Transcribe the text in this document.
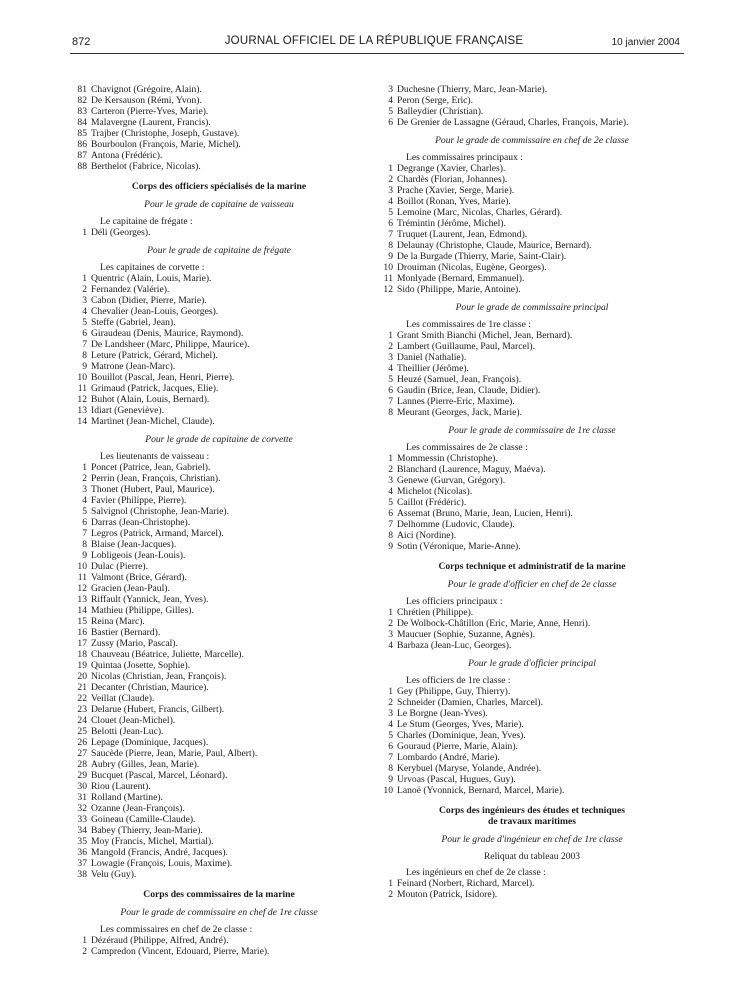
872	JOURNAL OFFICIEL DE LA RÉPUBLIQUE FRANÇAISE	10 janvier 2004
81 Chavignot (Grégoire, Alain).
82 De Kersauson (Rémi, Yvon).
83 Carteron (Pierre-Yves, Marie).
84 Malavergne (Laurent, Francis).
85 Trajber (Christophe, Joseph, Gustave).
86 Bourboulon (François, Marie, Michel).
87 Antona (Frédéric).
88 Berthelot (Fabrice, Nicolas).
Corps des officiers spécialisés de la marine
Pour le grade de capitaine de vaisseau
Le capitaine de frégate :
1 Déli (Georges).
Pour le grade de capitaine de frégate
Les capitaines de corvette :
1 Quentric (Alain, Louis, Marie).
2 Fernandez (Valérie).
3 Cabon (Didier, Pierre, Marie).
4 Chevalier (Jean-Louis, Georges).
5 Steffe (Gabriel, Jean).
6 Giraudeau (Denis, Maurice, Raymond).
7 De Landsheer (Marc, Philippe, Maurice).
8 Leture (Patrick, Gérard, Michel).
9 Matrone (Jean-Marc).
10 Bouillot (Pascal, Jean, Henri, Pierre).
11 Grimaud (Patrick, Jacques, Elie).
12 Buhot (Alain, Louis, Bernard).
13 Idiart (Geneviève).
14 Martinet (Jean-Michel, Claude).
Pour le grade de capitaine de corvette
Les lieutenants de vaisseau :
1 Poncet (Patrice, Jean, Gabriel).
2 Perrin (Jean, François, Christian).
3 Thonet (Hubert, Paul, Maurice).
4 Favier (Philippe, Pierre).
5 Salvignol (Christophe, Jean-Marie).
6 Darras (Jean-Christophe).
7 Legros (Patrick, Armand, Marcel).
8 Blaise (Jean-Jacques).
9 Lobligeois (Jean-Louis).
10 Dulac (Pierre).
11 Valmont (Brice, Gérard).
12 Gracien (Jean-Paul).
13 Riffault (Yannick, Jean, Yves).
14 Mathieu (Philippe, Gilles).
15 Reina (Marc).
16 Bastier (Bernard).
17 Zussy (Mario, Pascal).
18 Chauveau (Béatrice, Juliette, Marcelle).
19 Quintaa (Josette, Sophie).
20 Nicolas (Christian, Jean, François).
21 Decanter (Christian, Maurice).
22 Veillat (Claude).
23 Delarue (Hubert, Francis, Gilbert).
24 Clouet (Jean-Michel).
25 Belotti (Jean-Luc).
26 Lepage (Dominique, Jacques).
27 Saucède (Pierre, Jean, Marie, Paul, Albert).
28 Aubry (Gilles, Jean, Marie).
29 Bucquet (Pascal, Marcel, Léonard).
30 Riou (Laurent).
31 Rolland (Martine).
32 Ozanne (Jean-François).
33 Goineau (Camille-Claude).
34 Babey (Thierry, Jean-Marie).
35 Moy (Francis, Michel, Martial).
36 Mangold (Francis, André, Jacques).
37 Lowagie (François, Louis, Maxime).
38 Velu (Guy).
Corps des commissaires de la marine
Pour le grade de commissaire en chef de 1re classe
Les commissaires en chef de 2e classe :
1 Dézéraud (Philippe, Alfred, André).
2 Campredon (Vincent, Edouard, Pierre, Marie).
3 Duchesne (Thierry, Marc, Jean-Marie).
4 Peron (Serge, Eric).
5 Balleydier (Christian).
6 De Grenier de Lassagne (Géraud, Charles, François, Marie).
Pour le grade de commissaire en chef de 2e classe
Les commissaires principaux :
1 Degrange (Xavier, Charles).
2 Chardès (Florian, Johannes).
3 Prache (Xavier, Serge, Marie).
4 Boillot (Ronan, Yves, Marie).
5 Lemoine (Marc, Nicolas, Charles, Gérard).
6 Trémintin (Jérôme, Michel).
7 Truquet (Laurent, Jean, Edmond).
8 Delaunay (Christophe, Claude, Maurice, Bernard).
9 De la Burgade (Thierry, Marie, Saint-Clair).
10 Drouiman (Nicolas, Eugène, Georges).
11 Monlyade (Bernard, Emmanuel).
12 Sido (Philippe, Marie, Antoine).
Pour le grade de commissaire principal
Les commissaires de 1re classe :
1 Grant Smith Bianchi (Michel, Jean, Bernard).
2 Lambert (Guillaume, Paul, Marcel).
3 Daniel (Nathalie).
4 Theillier (Jérôme).
5 Heuzé (Samuel, Jean, François).
6 Gaudin (Brice, Jean, Claude, Didier).
7 Lannes (Pierre-Eric, Maxime).
8 Meurant (Georges, Jack, Marie).
Pour le grade de commissaire de 1re classe
Les commissaires de 2e classe :
1 Mommessin (Christophe).
2 Blanchard (Laurence, Maguy, Maéva).
3 Genewe (Gurvan, Grégory).
4 Michelot (Nicolas).
5 Caillot (Frédéric).
6 Assemat (Bruno, Marie, Jean, Lucien, Henri).
7 Delhomme (Ludovic, Claude).
8 Aici (Nordine).
9 Sotin (Véronique, Marie-Anne).
Corps technique et administratif de la marine
Pour le grade d'officier en chef de 2e classe
Les officiers principaux :
1 Chrétien (Philippe).
2 De Wolbock-Châtillon (Eric, Marie, Anne, Henri).
3 Maucuer (Sophie, Suzanne, Agnès).
4 Barbaza (Jean-Luc, Georges).
Pour le grade d'officier principal
Les officiers de 1re classe :
1 Gey (Philippe, Guy, Thierry).
2 Schneider (Damien, Charles, Marcel).
3 Le Borgne (Jean-Yves).
4 Le Stum (Georges, Yves, Marie).
5 Charles (Dominique, Jean, Yves).
6 Gouraud (Pierre, Marie, Alain).
7 Lombardo (André, Marie).
8 Kerybuel (Maryse, Yolande, Andrée).
9 Urvoas (Pascal, Hugues, Guy).
10 Lanoë (Yvonnick, Bernard, Marcel, Marie).
Corps des ingénieurs des études et techniques
de travaux maritimes
Pour le grade d'ingénieur en chef de 1re classe
Reliquat du tableau 2003
Les ingénieurs en chef de 2e classe :
1 Feinard (Norbert, Richard, Marcel).
2 Mouton (Patrick, Isidore).
